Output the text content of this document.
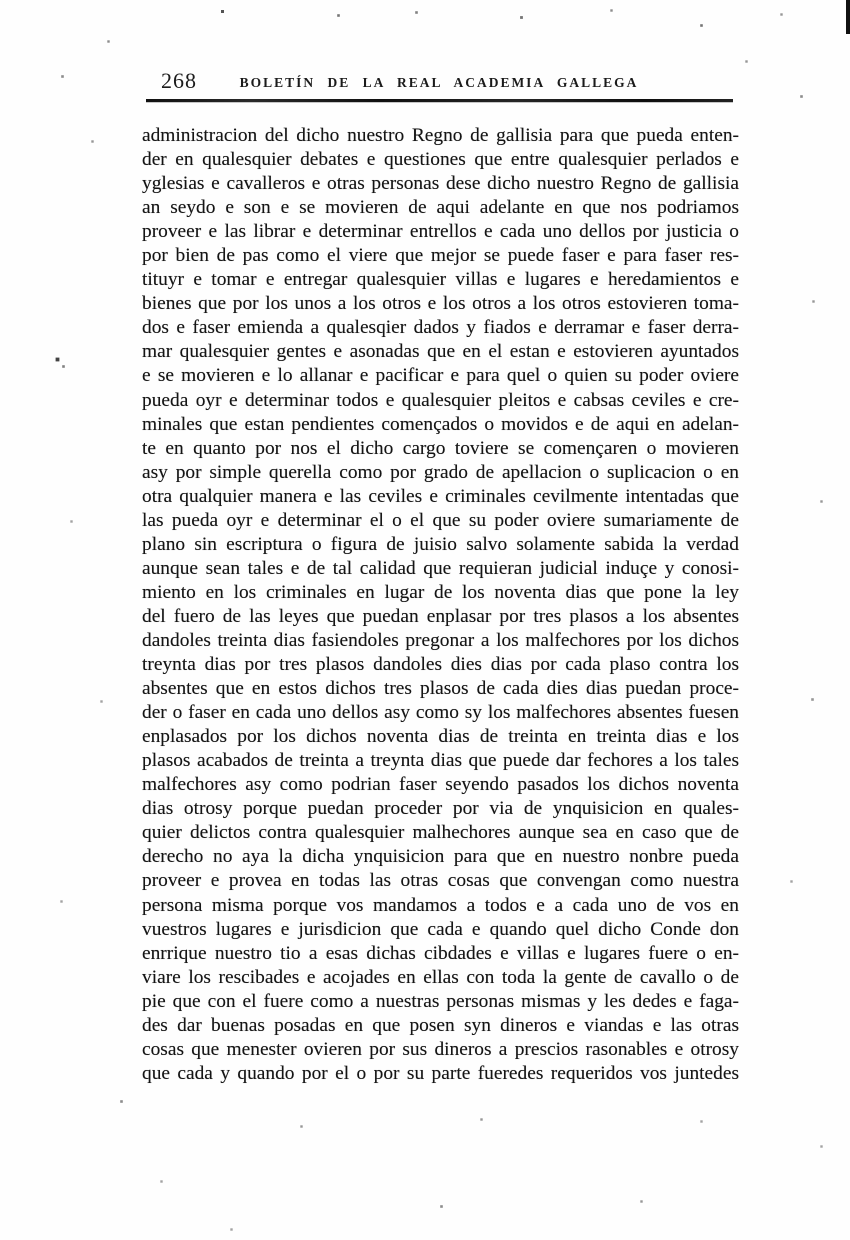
268	BOLETÍN DE LA REAL ACADEMIA GALLEGA
administracion del dicho nuestro Regno de gallisia para que pueda enten-
der en qualesquier debates e questiones que entre qualesquier perlados e
yglesias e cavalleros e otras personas dese dicho nuestro Regno de gallisia
an seydo e son e se movieren de aqui adelante en que nos podriamos
proveer e las librar e determinar entrellos e cada uno dellos por justicia o
por bien de pas como el viere que mejor se puede faser e para faser res-
tituyr e tomar e entregar qualesquier villas e lugares e heredamientos e
bienes que por los unos a los otros e los otros a los otros estovieren toma-
dos e faser emienda a qualesqier dados y fiados e derramar e faser derra-
mar qualesquier gentes e asonadas que en el estan e estovieren ayuntados
e se movieren e lo allanar e pacificar e para quel o quien su poder oviere
pueda oyr e determinar todos e qualesquier pleitos e cabsas ceviles e cre-
minales que estan pendientes començados o movidos e de aqui en adelan-
te en quanto por nos el dicho cargo toviere se començaren o movieren
asy por simple querella como por grado de apellacion o suplicacion o en
otra qualquier manera e las ceviles e criminales cevilmente intentadas que
las pueda oyr e determinar el o el que su poder oviere sumariamente de
plano sin escriptura o figura de juisio salvo solamente sabida la verdad
aunque sean tales e de tal calidad que requieran judicial induçe y conosi-
miento en los criminales en lugar de los noventa dias que pone la ley
del fuero de las leyes que puedan enplasar por tres plasos a los absentes
dandoles treinta dias fasiendoles pregonar a los malfechores por los dichos
treynta dias por tres plasos dandoles dies dias por cada plaso contra los
absentes que en estos dichos tres plasos de cada dies dias puedan proce-
der o faser en cada uno dellos asy como sy los malfechores absentes fuesen
enplasados por los dichos noventa dias de treinta en treinta dias e los
plasos acabados de treinta a treynta dias que puede dar fechores a los tales
malfechores asy como podrian faser seyendo pasados los dichos noventa
dias otrosy porque puedan proceder por via de ynquisicion en quales-
quier delictos contra qualesquier malhechores aunque sea en caso que de
derecho no aya la dicha ynquisicion para que en nuestro nonbre pueda
proveer e provea en todas las otras cosas que convengan como nuestra
persona misma porque vos mandamos a todos e a cada uno de vos en
vuestros lugares e jurisdicion que cada e quando quel dicho Conde don
enrrique nuestro tio a esas dichas cibdades e villas e lugares fuere o en-
viare los rescibades e acojades en ellas con toda la gente de cavallo o de
pie que con el fuere como a nuestras personas mismas y les dedes e faga-
des dar buenas posadas en que posen syn dineros e viandas e las otras
cosas que menester ovieren por sus dineros a prescios rasonables e otrosy
que cada y quando por el o por su parte fueredes requeridos vos juntedes
